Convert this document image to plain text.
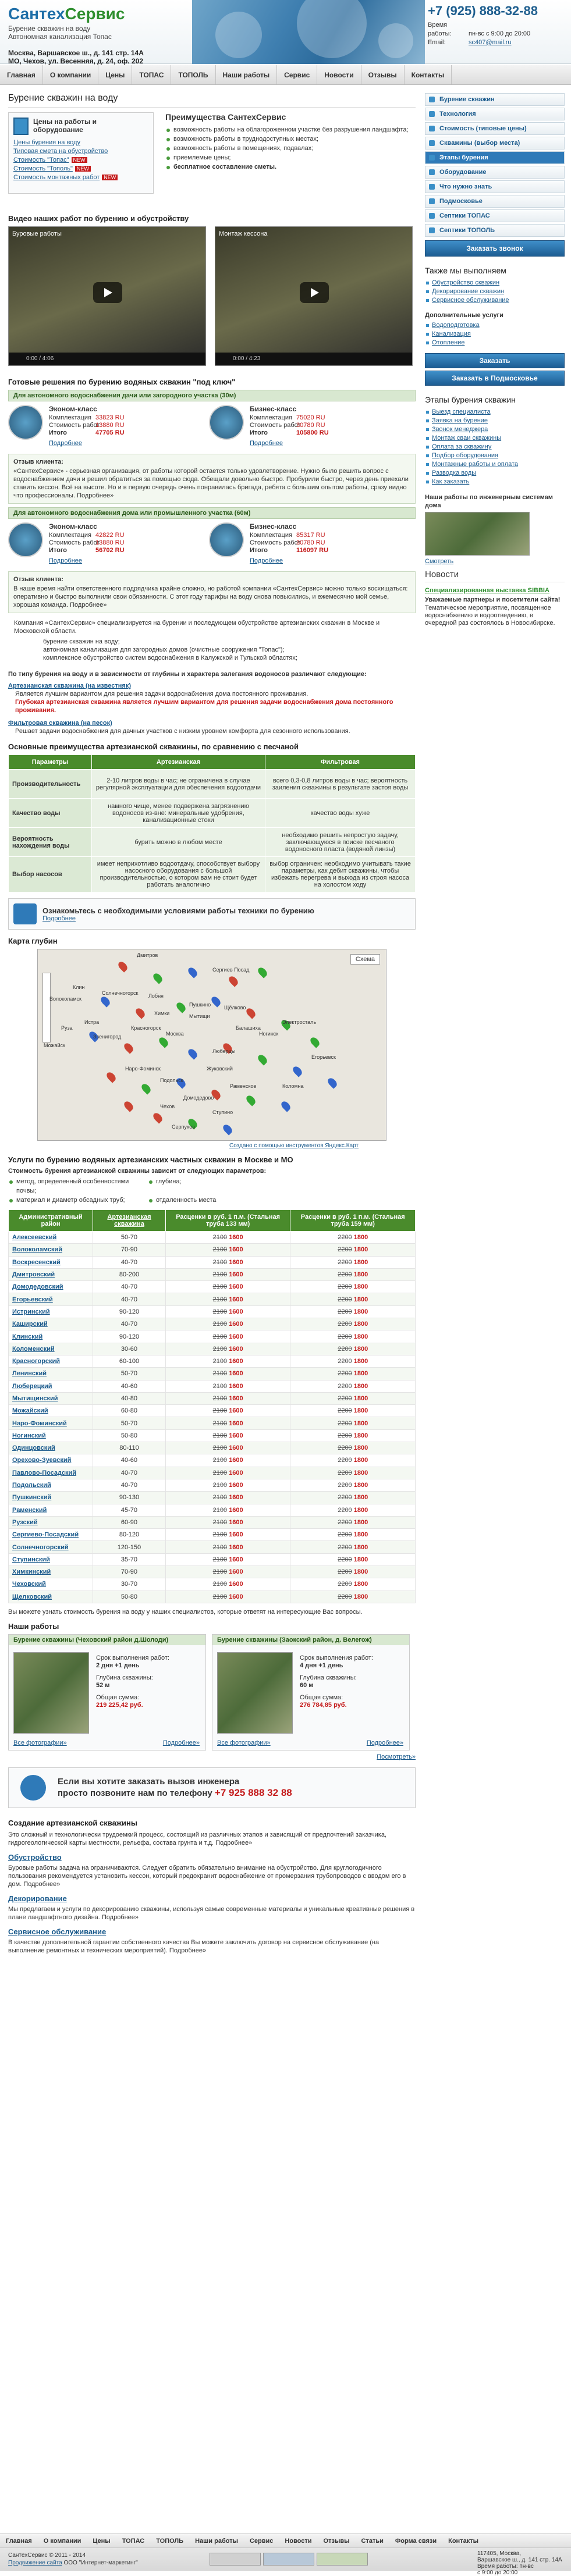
СантехСервис
Бурение скважин на воду
Автономная канализация Топас
Москва, Варшавское ш., д. 141 стр. 14А
МО, Чехов, ул. Весенняя, д. 24, оф. 202
+7 (925) 888-32-88
Время работы:	пн-вс с 9:00 до 20:00
Email:	sc407@mail.ru
Главная	О компании	Цены	ТОПАС	ТОПОЛЬ	Наши работы	Сервис	Новости	Отзывы	Контакты
Бурение скважин на воду
Цены на работы и оборудование
Цены бурения на воду
Типовая смета на обустройство
Стоимость "Топас" NEW
Стоимость "Тополь" NEW
Стоимость монтажных работ NEW
Преимущества СантехСервис
возможность работы на облагороженном участке без разрушения ландшафта;
возможность работы в труднодоступных местах;
возможность работы в помещениях, подвалах;
приемлемые цены;
бесплатное составление сметы.
Видео наших работ по бурению и обустройству
Буровые работы
0:00 / 4:06
Монтаж кессона
0:00 / 4:23
Готовые решения по бурению водяных скважин "под ключ"
Для автономного водоснабжения дачи или загородного участка (30м)
Эконом-класс
Комплектация 33823 RU
Стоимость работ
13880 RU
Итого	47705 RU
Подробнее
Бизнес-класс
Комплектация 75020 RU
Стоимость работ
30780 RU
Итого	105800 RU
Подробнее
Отзыв клиента:
«СантехСервис» - серьезная организация, от работы которой остается только удовлетворение. Нужно было решить вопрос с водоснабжением дачи и решил обратиться за помощью сюда. Обещали довольно быстро. Пробурили быстро, через день приехали ставить кессон. Всё на высоте. Но и в первую очередь очень понравилась бригада, ребята с большим опытом работы, сразу видно что профессионалы. Подробнее»
Для автономного водоснабжения дома или промышленного участка (60м)
Эконом-класс
Комплектация 42822 RU
Стоимость работ
13880 RU
Итого	56702 RU
Подробнее
Бизнес-класс
Комплектация 85317 RU
Стоимость работ
30780 RU
Итого	116097 RU
Подробнее
Отзыв клиента:
В наше время найти ответственного подрядчика крайне сложно, но работой компании «СантехСервис» можно только восхищаться: оперативно и быстро выполнили свои обязанности. С этот году тарифы на воду снова повысились, и ежемесячно мой семье, хорошая команда. Подробнее»
Компания «СантехСервис» специализируется на бурении и последующем обустройстве артезианских скважин в Москве и Московской области.
бурение скважин на воду;
автономная канализация для загородных домов (очистные сооружения "Топас");
комплексное обустройство систем водоснабжения в Калужской и Тульской областях;
По типу бурения на воду и в зависимости от глубины и характера залегания водоносов различают следующие:
Артезианская скважина (на известняк)
Является лучшим вариантом для решения задачи водоснабжения дома постоянного проживания.
Глубокая артезианская скважина является лучшим вариантом для решения задачи водоснабжения дома постоянного проживания.
Фильтровая скважина (на песок)
Решает задачи водоснабжения для дачных участков с низким уровнем комфорта для сезонного использования.
Основные преимущества артезианской скважины, по сравнению с песчаной
Параметры	Артезианская	Фильтровая
Производительность	2-10 литров воды в час; не ограничена в случае регулярной эксплуатации для обеспечения водоотдачи	всего 0,3-0,8 литров воды в час; вероятность заиления скважины в результате застоя воды
Качество воды	намного чище, менее подвержена загрязнению водоносов из-вне: минеральные удобрения, канализационные стоки	качество воды хуже
Вероятность нахождения воды	бурить можно в любом месте	необходимо решить непростую задачу, заключающуюся в поиске песчаного водоносного пласта (водяной линзы)
Выбор насосов	имеет неприхотливо водоотдачу, способствует выбору насосного оборудования с большой производительностью, о котором вам не стоит будет работать аналогично	выбор ограничен: необходимо учитывать такие параметры, как дебит скважины, чтобы избежать перегрева и выхода из строя насоса на холостом ходу
Ознакомьтесь с необходимыми условиями работы техники по бурению
Подробнее
Карта глубин
Схема
Дмитров
Клин
Солнечногорск
Истра
Москва
Подольск
Серпухов
Коломна
Егорьевск
Ногинск
Наро-Фоминск
Руза
Звенигород
Раменское
Домодедово
Пушкино
Чехов
Ступино
Щёлково
Электросталь
Лобня
Химки	Мытищи
Люберцы
Жуковский
Балашиха
Красногорск
Можайск
Волоколамск
Сергиев Посад
Создано с помощью инструментов Яндекс.Карт
Услуги по бурению водяных артезианских частных скважин в Москве и МО
Стоимость бурения артезианской скважины зависит от следующих параметров:
метод, определенный особенностями почвы;
глубина;
материал и диаметр обсадных труб;	отдаленность места
Административный район	Артезианская скважина	Расценки в руб. 1 п.м. (Стальная труба 133 мм)	Расценки в руб. 1 п.м. (Стальная труба 159 мм)
Алексеевский	50-70	2100 1600	2200 1800
Волоколамский	70-90	2100 1600	2200 1800
Воскресенский	40-70	2100 1600	2200 1800
Дмитровский	80-200	2100 1600	2200 1800
Домодедовский	40-70	2100 1600	2200 1800
Егорьевский	40-70	2100 1600	2200 1800
Истринский	90-120	2100 1600	2200 1800
Каширский	40-70	2100 1600	2200 1800
Клинский	90-120	2100 1600	2200 1800
Коломенский	30-60	2100 1600	2200 1800
Красногорский	60-100	2100 1600	2200 1800
Ленинский	50-70	2100 1600	2200 1800
Люберецкий	40-60	2100 1600	2200 1800
Мытищинский	40-80	2100 1600	2200 1800
Можайский	60-80	2100 1600	2200 1800
Наро-Фоминский	50-70	2100 1600	2200 1800
Ногинский	50-80	2100 1600	2200 1800
Одинцовский	80-110	2100 1600	2200 1800
Орехово-Зуевский	40-60	2100 1600	2200 1800
Павлово-Посадский	40-70	2100 1600	2200 1800
Подольский	40-70	2100 1600	2200 1800
Пушкинский	90-130	2100 1600	2200 1800
Раменский	45-70	2100 1600	2200 1800
Рузский	60-90	2100 1600	2200 1800
Сергиево-Посадский	80-120	2100 1600	2200 1800
Солнечногорский	120-150	2100 1600	2200 1800
Ступинский	35-70	2100 1600	2200 1800
Химкинский	70-90	2100 1600	2200 1800
Чеховский	30-70	2100 1600	2200 1800
Щелковский	50-80	2100 1600	2200 1800
Вы можете узнать стоимость бурения на воду у наших специалистов, которые ответят на интересующие Вас вопросы.
Наши работы
Бурение скважины (Чеховский район д.Шолоди)
Срок выполнения работ:
2 дня +1 день
Глубина скважины:
52 м
Общая сумма:
219 225,42 руб.
Все фотографии»	Подробнее»
Бурение скважины (Заокский район, д. Велегож)
Срок выполнения работ:
4 дня +1 день
Глубина скважины:
60 м
Общая сумма:
276 784,85 руб.
Все фотографии»	Подробнее»
Посмотреть»
Если вы хотите заказать вызов инженера
просто позвоните нам по телефону +7 925 888 32 88
Создание артезианской скважины
Это сложный и технологически трудоемкий процесс, состоящий из различных этапов и зависящий от предпочтений заказчика, гидрогеологической карты местности, рельефа, состава грунта и т.д. Подробнее»
Обустройство
Буровые работы задача на ограничиваются. Следует обратить обязательно внимание на обустройство. Для круглогодичного пользования рекомендуется установить кессон, который предохранит водоснабжение от промерзания трубопроводов с вводом его в дом. Подробнее»
Декорирование
Мы предлагаем и услуги по декорированию скважины, используя самые современные материалы и уникальные креативные решения в плане ландшафтного дизайна. Подробнее»
Сервисное обслуживание
В качестве дополнительной гарантии собственного качества Вы можете заключить договор на сервисное обслуживание (на выполнение ремонтных и технических мероприятий). Подробнее»
Бурение скважин
Технология
Стоимость (типовые цены)
Скважины (выбор места)
Этапы бурения
Оборудование
Что нужно знать
Подмосковье
Септики ТОПАС
Септики ТОПОЛЬ
Заказать звонок
Также мы выполняем
Обустройство скважин
Декорирование скважин
Сервисное обслуживание
Дополнительные услуги
Водоподготовка
Канализация
Отопление
Заказать
Заказать в Подмосковье
Этапы бурения скважин
Выезд специалиста
Заявка на бурение
Звонок менеджера
Монтаж сваи скважины
Оплата за скважину
Подбор оборудования
Монтажные работы и оплата
Разводка воды
Как заказать
Наши работы по инженерным системам дома
Смотреть
Новости
Специализированная выставка SIBBIA
Уважаемые партнеры и посетители сайта!
Тематическое мероприятие, посвященное водоснабжению и водоотведению, в очередной раз состоялось в Новосибирске.
Главная	О компании	Цены	ТОПАС	ТОПОЛЬ	Наши работы	Сервис	Новости	Отзывы	Статьи	Форма связи	Контакты
СантехСервис © 2011 - 2014
Продвижение сайта ООО "Интернет-маркетинг"
117405, Москва,
Варшавское ш., д. 141 стр. 14А
Время работы: пн-вс
с 9:00 до 20:00
